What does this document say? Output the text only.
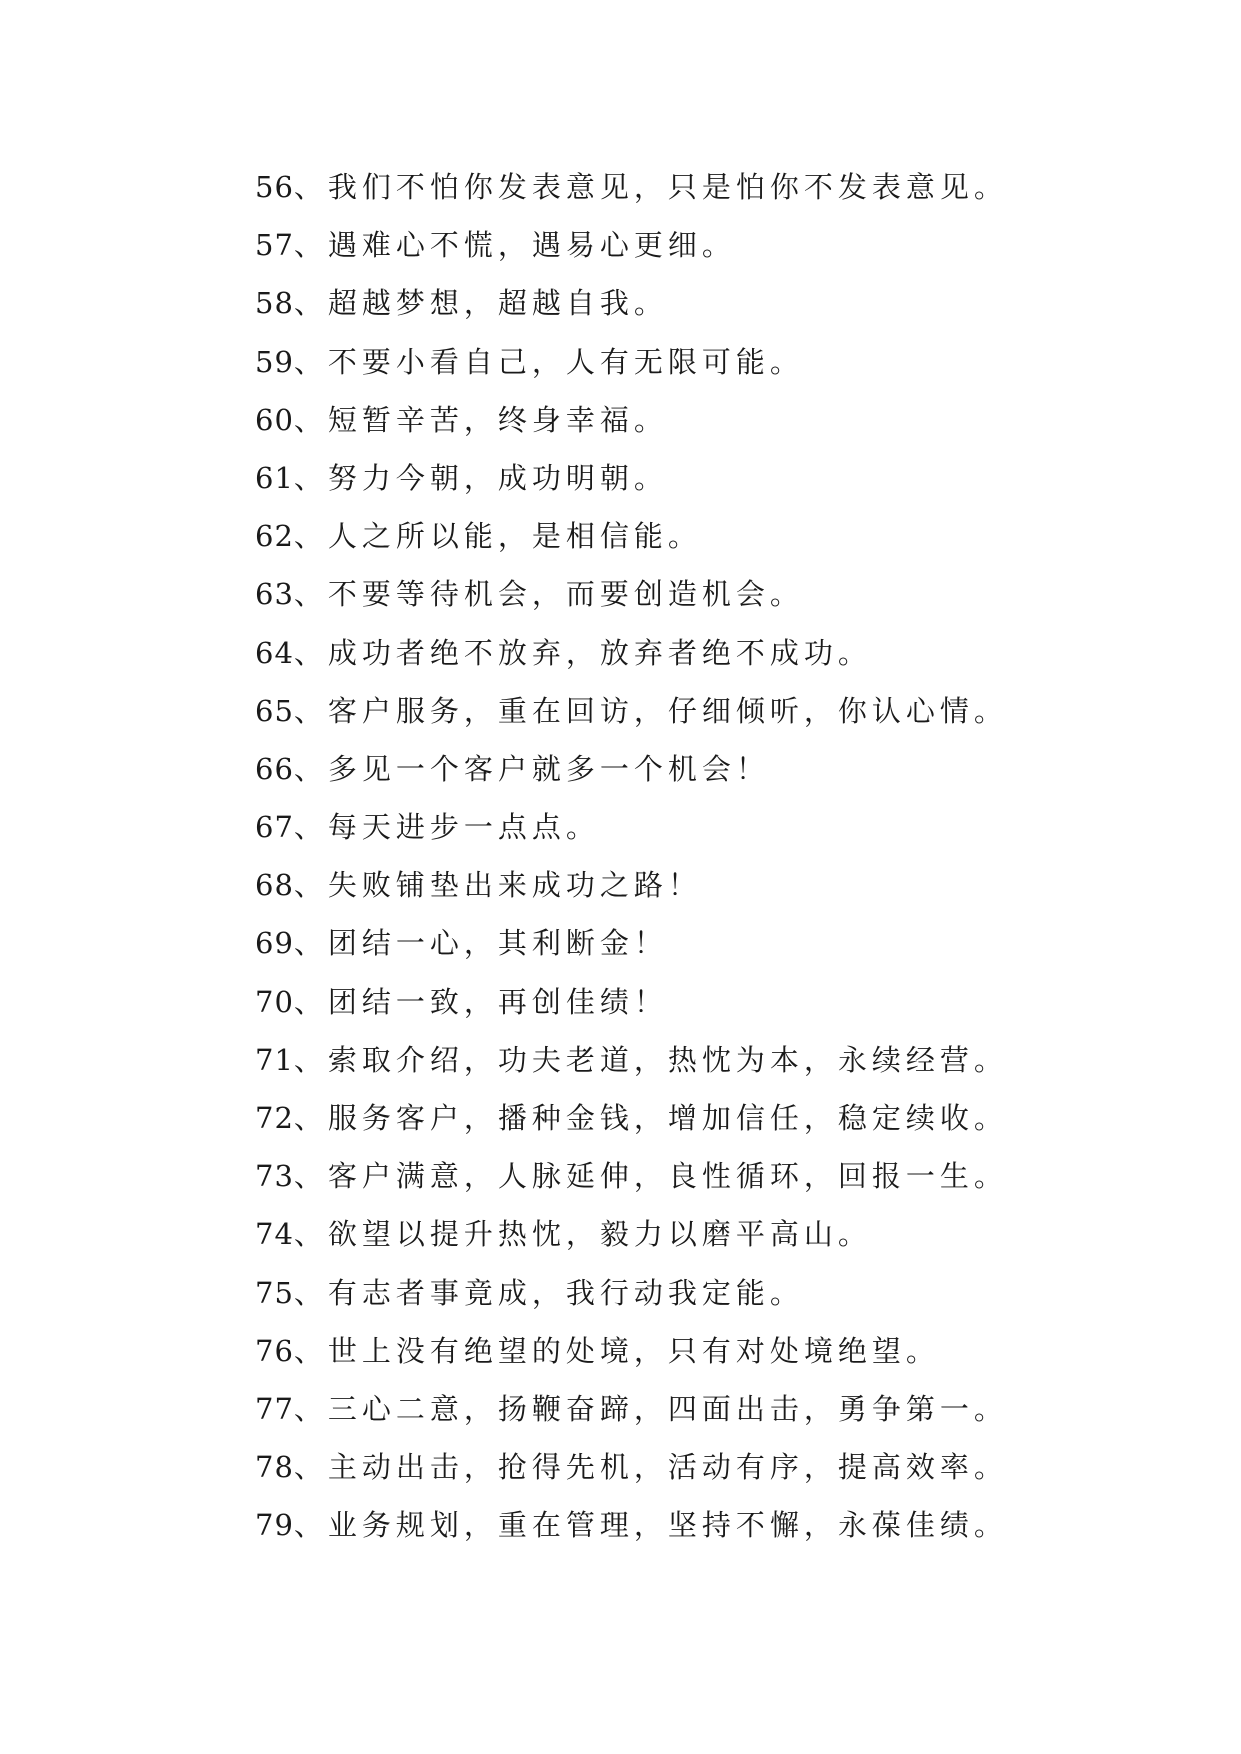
56、我们不怕你发表意见，只是怕你不发表意见。
57、遇难心不慌，遇易心更细。
58、超越梦想，超越自我。
59、不要小看自己，人有无限可能。
60、短暂辛苦，终身幸福。
61、努力今朝，成功明朝。
62、人之所以能，是相信能。
63、不要等待机会，而要创造机会。
64、成功者绝不放弃，放弃者绝不成功。
65、客户服务，重在回访，仔细倾听，你认心情。
66、多见一个客户就多一个机会！
67、每天进步一点点。
68、失败铺垫出来成功之路！
69、团结一心，其利断金！
70、团结一致，再创佳绩！
71、索取介绍，功夫老道，热忱为本，永续经营。
72、服务客户，播种金钱，增加信任，稳定续收。
73、客户满意，人脉延伸，良性循环，回报一生。
74、欲望以提升热忱，毅力以磨平高山。
75、有志者事竟成，我行动我定能。
76、世上没有绝望的处境，只有对处境绝望。
77、三心二意，扬鞭奋蹄，四面出击，勇争第一。
78、主动出击，抢得先机，活动有序，提高效率。
79、业务规划，重在管理，坚持不懈，永葆佳绩。
